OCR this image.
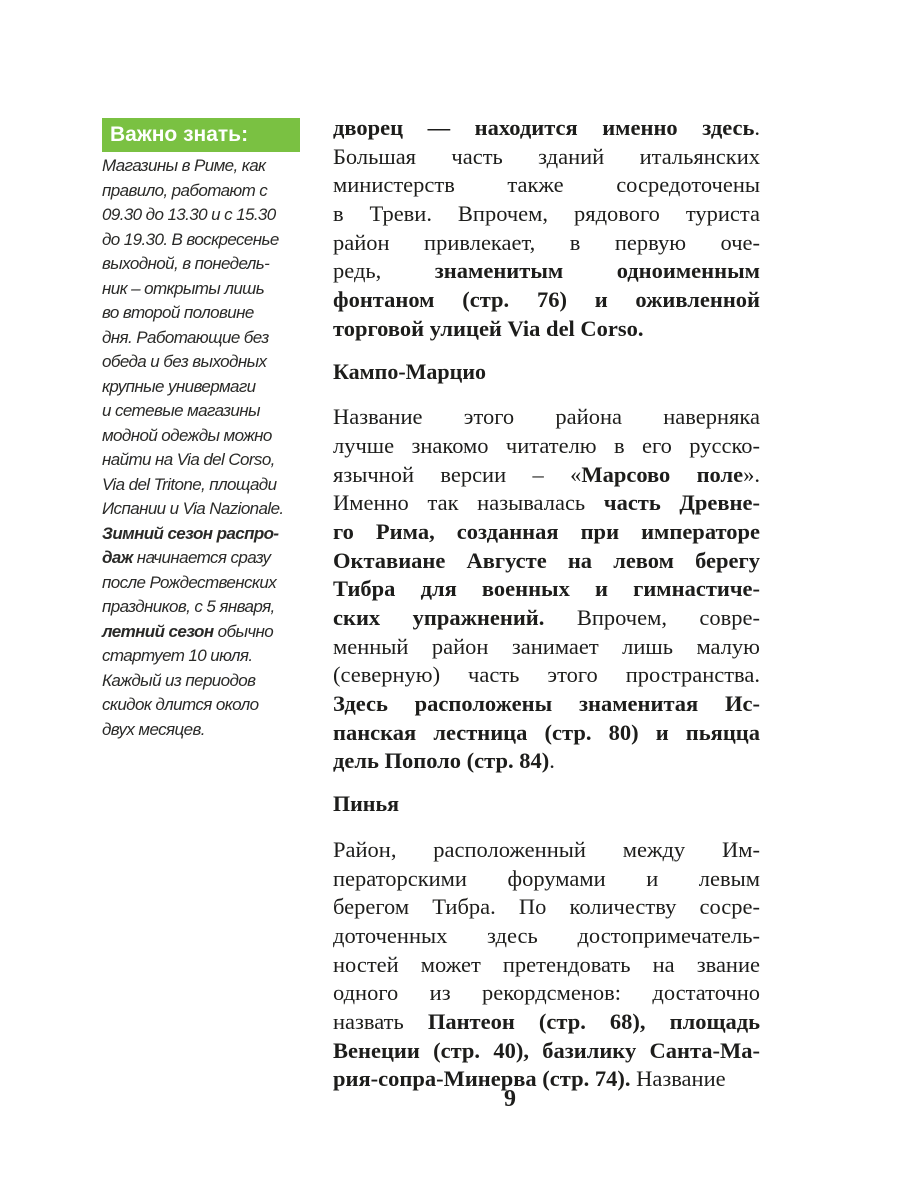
Важно знать:
Магазины в Риме, как
правило, работают с
09.30 до 13.30 и с 15.30
до 19.30. В воскресенье
выходной, в понедель-
ник – открыты лишь
во второй половине
дня. Работающие без
обеда и без выходных
крупные универмаги
и сетевые магазины
модной одежды можно
найти на Via del Corso,
Via del Tritone, площади
Испании и Via Nazionale.
Зимний сезон распро-
даж начинается сразу
после Рождественских
праздников, с 5 января,
летний сезон обычно
стартует 10 июля.
Каждый из периодов
скидок длится около
двух месяцев.

дворец — находится именно здесь.
Большая часть зданий итальянских
министерств также сосредоточены
в Треви. Впрочем, рядового туриста
район привлекает, в первую оче-
редь, знаменитым одноименным
фонтаном (стр. 76) и оживленной
торговой улицей Via del Corso.

Кампо-Марцио

Название этого района наверняка
лучше знакомо читателю в его русско-
язычной версии – «Марсово поле».
Именно так называлась часть Древне-
го Рима, созданная при императоре
Октавиане Августе на левом берегу
Тибра для военных и гимнастиче-
ских упражнений. Впрочем, совре-
менный район занимает лишь малую
(северную) часть этого пространства.
Здесь расположены знаменитая Ис-
панская лестница (стр. 80) и пьяцца
дель Пополо (стр. 84).

Пинья

Район, расположенный между Им-
ператорскими форумами и левым
берегом Тибра. По количеству сосре-
доточенных здесь достопримечатель-
ностей может претендовать на звание
одного из рекордсменов: достаточно
назвать Пантеон (стр. 68), площадь
Венеции (стр. 40), базилику Санта-Ма-
рия-сопра-Минерва (стр. 74). Название

9
